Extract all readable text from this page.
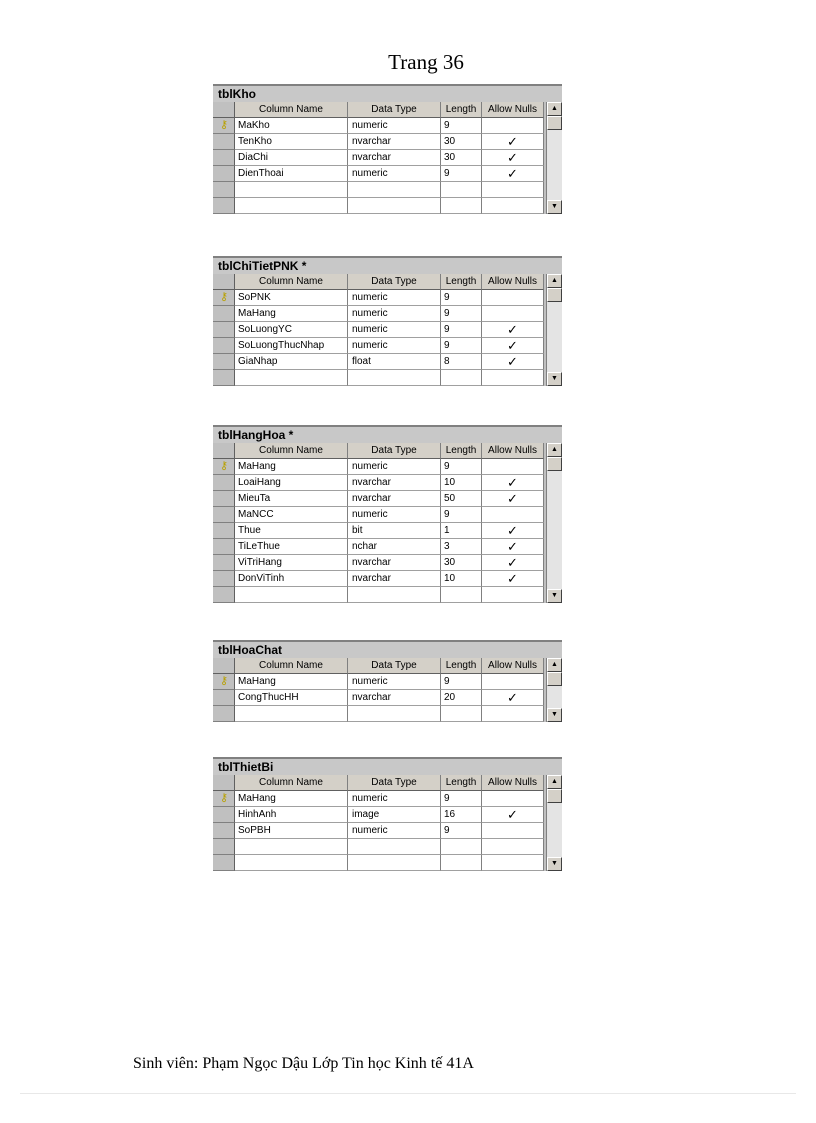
Trang 36
tblKho
Column Name	Data Type	Length	Allow Nulls
⚷ MaKho	numeric	9
TenKho	nvarchar	30	✓
DiaChi	nvarchar	30	✓
DienThoai	numeric	9	✓
▲
▼
tblChiTietPNK *
Column Name	Data Type	Length	Allow Nulls
⚷ SoPNK	numeric	9
MaHang	numeric	9
SoLuongYC	numeric	9	✓
SoLuongThucNhap	numeric	9	✓
GiaNhap	float	8	✓
▲
▼
tblHangHoa *
Column Name	Data Type	Length	Allow Nulls
⚷ MaHang	numeric	9
LoaiHang	nvarchar	10	✓
MieuTa	nvarchar	50	✓
MaNCC	numeric	9
Thue	bit	1	✓
TiLeThue	nchar	3	✓
ViTriHang	nvarchar	30	✓
DonViTinh	nvarchar	10	✓
▲
▼
tblHoaChat
Column Name	Data Type	Length	Allow Nulls
⚷ MaHang	numeric	9
CongThucHH	nvarchar	20	✓
▲
▼
tblThietBi
Column Name	Data Type	Length	Allow Nulls
⚷ MaHang	numeric	9
HinhAnh	image	16	✓
SoPBH	numeric	9
▲
▼
Sinh viên: Phạm Ngọc Dậu Lớp Tin học Kinh tế 41A
